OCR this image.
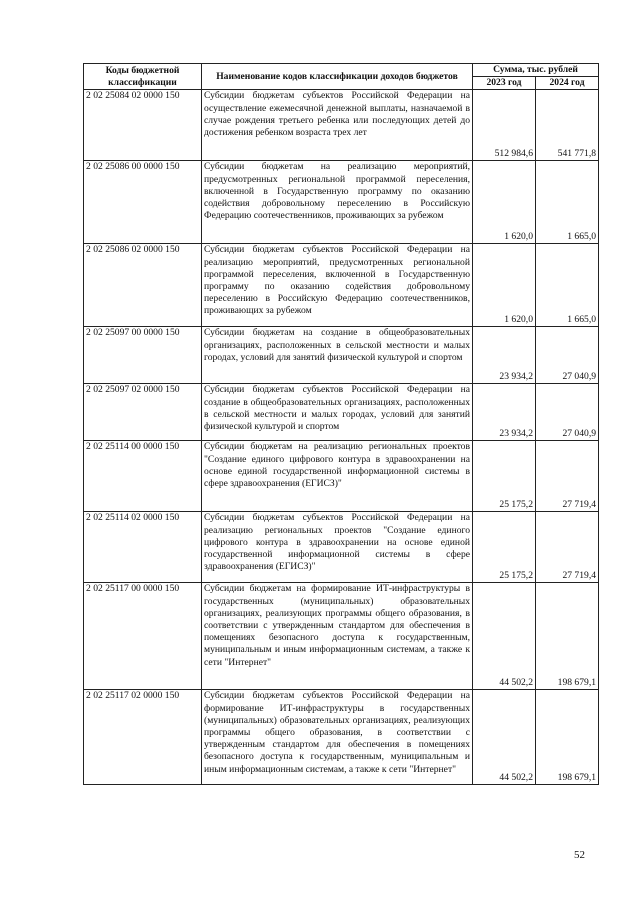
Коды бюджетной классификации	Наименование кодов классификации доходов бюджетов	Сумма, тыс. рублей	
		2023 год	2024 год
2 02 25084 02 0000 150	Субсидии бюджетам субъектов Российской Федерации на осуществление ежемесячной денежной выплаты, назначаемой в случае рождения третьего ребенка или последующих детей до достижения ребенком возраста трех лет	512 984,6	541 771,8
2 02 25086 00 0000 150	Субсидии бюджетам на реализацию мероприятий, предусмотренных региональной программой переселения, включенной в Государственную программу по оказанию содействия добровольному переселению в Российскую Федерацию соотечественников, проживающих за рубежом	1 620,0	1 665,0
2 02 25086 02 0000 150	Субсидии бюджетам субъектов Российской Федерации на реализацию мероприятий, предусмотренных региональной программой переселения, включенной в Государственную программу по оказанию содействия добровольному переселению в Российскую Федерацию соотечественников, проживающих за рубежом	1 620,0	1 665,0
2 02 25097 00 0000 150	Субсидии бюджетам на создание в общеобразовательных организациях, расположенных в сельской местности и малых городах, условий для занятий физической культурой и спортом	23 934,2	27 040,9
2 02 25097 02 0000 150	Субсидии бюджетам субъектов Российской Федерации на создание в общеобразовательных организациях, расположенных в сельской местности и малых городах, условий для занятий физической культурой и спортом	23 934,2	27 040,9
2 02 25114 00 0000 150	Субсидии бюджетам на реализацию региональных проектов "Создание единого цифрового контура в здравоохранении на основе единой государственной информационной системы в сфере здравоохранения (ЕГИСЗ)"	25 175,2	27 719,4
2 02 25114 02 0000 150	Субсидии бюджетам субъектов Российской Федерации на реализацию региональных проектов "Создание единого цифрового контура в здравоохранении на основе единой государственной информационной системы в сфере здравоохранения (ЕГИСЗ)"	25 175,2	27 719,4
2 02 25117 00 0000 150	Субсидии бюджетам на формирование ИТ-инфраструктуры в государственных (муниципальных) образовательных организациях, реализующих программы общего образования, в соответствии с утвержденным стандартом для обеспечения в помещениях безопасного доступа к государственным, муниципальным и иным информационным системам, а также к сети "Интернет"	44 502,2	198 679,1
2 02 25117 02 0000 150	Субсидии бюджетам субъектов Российской Федерации на формирование ИТ-инфраструктуры в государственных (муниципальных) образовательных организациях, реализующих программы общего образования, в соответствии с утвержденным стандартом для обеспечения в помещениях безопасного доступа к государственным, муниципальным и иным информационным системам, а также к сети "Интернет"	44 502,2	198 679,1
52
